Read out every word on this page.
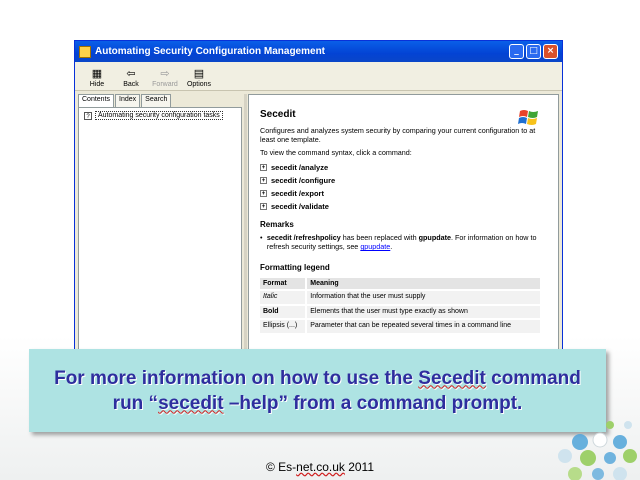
Automating Security Configuration Management	_	□ ×
▦
Hide
⇦
Back
⇨
Forward
▤
Options
Contents	Index	Search
?	Automating security configuration tasks	Secedit
Configures and analyzes system security by comparing your current configuration to at least one template.
To view the command syntax, click a command:
+ secedit /analyze
+ secedit /configure
+ secedit /export
+ secedit /validate
Remarks
• secedit /refreshpolicy has been replaced with gpupdate. For information on how to refresh security settings, see gpupdate.
Formatting legend
Format	Meaning
Italic	Information that the user must supply
Bold	Elements that the user must type exactly as shown
Ellipsis (...)	Parameter that can be repeated several times in a command line
For more information on how to use the Secedit command run “secedit –help” from a command prompt.
© Es-net.co.uk 2011
